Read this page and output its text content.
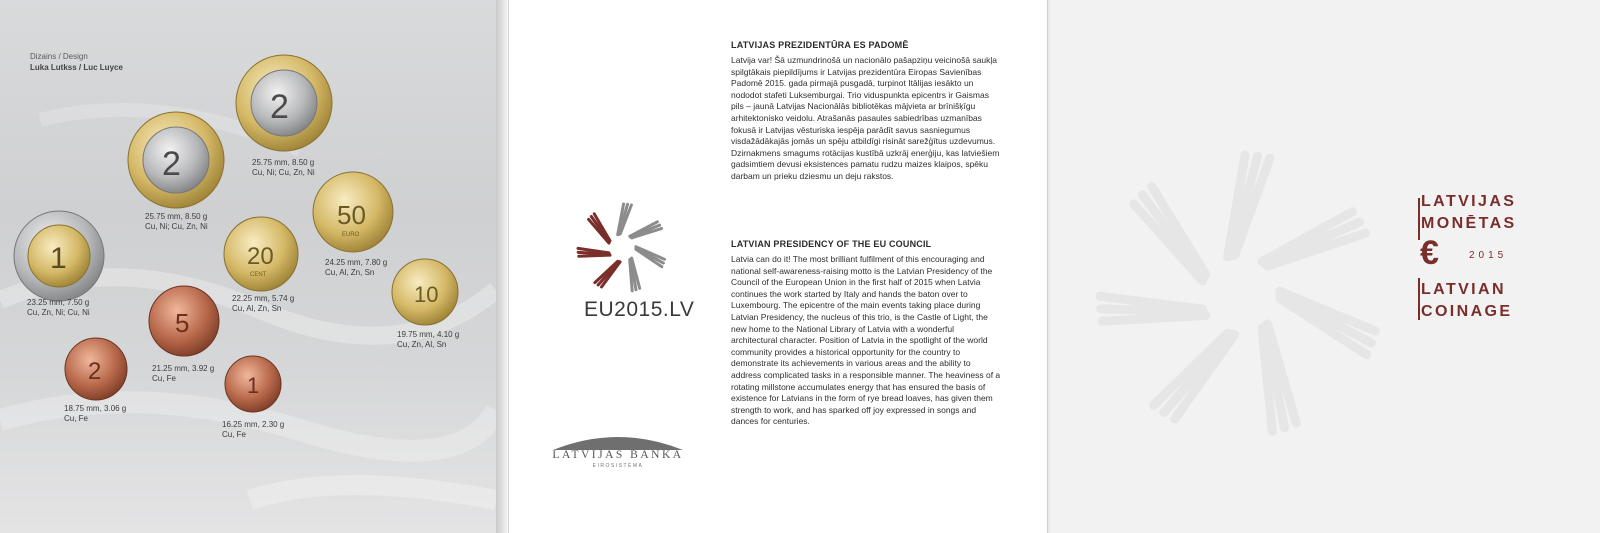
Dizains / Design
Luka Lutkss / Luc Luyce
2
2
1
50
EURO
20
CENT
10
5
2
1
25.75 mm, 8.50 g
Cu, Ni; Cu, Zn, Ni
25.75 mm, 8.50 g
Cu, Ni; Cu, Zn, Ni
23.25 mm, 7.50 g
Cu, Zn, Ni; Cu, Ni
24.25 mm, 7.80 g
Cu, Al, Zn, Sn
22.25 mm, 5.74 g
Cu, Al, Zn, Sn
19.75 mm, 4.10 g
Cu, Zn, Al, Sn
21.25 mm, 3.92 g
Cu, Fe
18.75 mm, 3.06 g
Cu, Fe
16.25 mm, 2.30 g
Cu, Fe
EU2015.LV
LATVIJAS BANKA
EIROSISTĒMA
LATVIJAS PREZIDENTŪRA ES PADOMĒ

Latvija var! Šā uzmundrinošā un nacionālo pašapziņu veicinošā saukļa spilgtākais piepildījums ir Latvijas prezidentūra Eiropas Savienības Padomē 2015. gada pirmajā pusgadā, turpinot Itālijas iesākto un nododot stafeti Luksemburgai. Trio viduspunkta epicentrs ir Gaismas pils – jaunā Latvijas Nacionālās bibliotēkas mājvieta ar brīnišķīgu arhitektonisko veidolu. Atrašanās pasaules sabiedrības uzmanības fokusā ir Latvijas vēsturiska iespēja parādīt savus sasniegumus visdažādākajās jomās un spēju atbildīgi risināt sarežģītus uzdevumus. Dzirnakmens smagums rotācijas kustībā uzkrāj enerģiju, kas latviešiem gadsimtiem devusi eksistences pamatu rudzu maizes klaipos, spēku darbam un prieku dziesmu un deju rakstos.

LATVIAN PRESIDENCY OF THE EU COUNCIL

Latvia can do it! The most brilliant fulfilment of this encouraging and national self-awareness-raising motto is the Latvian Presidency of the Council of the European Union in the first half of 2015 when Latvia continues the work started by Italy and hands the baton over to Luxembourg. The epicentre of the main events taking place during Latvian Presidency, the nucleus of this trio, is the Castle of Light, the new home to the National Library of Latvia with a wonderful architectural character. Position of Latvia in the spotlight of the world community provides a historical opportunity for the country to demonstrate its achievements in various areas and the ability to address complicated tasks in a responsible manner. The heaviness of a rotating millstone accumulates energy that has ensured the basis of existence for Latvians in the form of rye bread loaves, has given them strength to work, and has sparked off joy expressed in songs and dances for centuries.

LATVIJAS
MONĒTAS
€	2015
LATVIAN
COINAGE
